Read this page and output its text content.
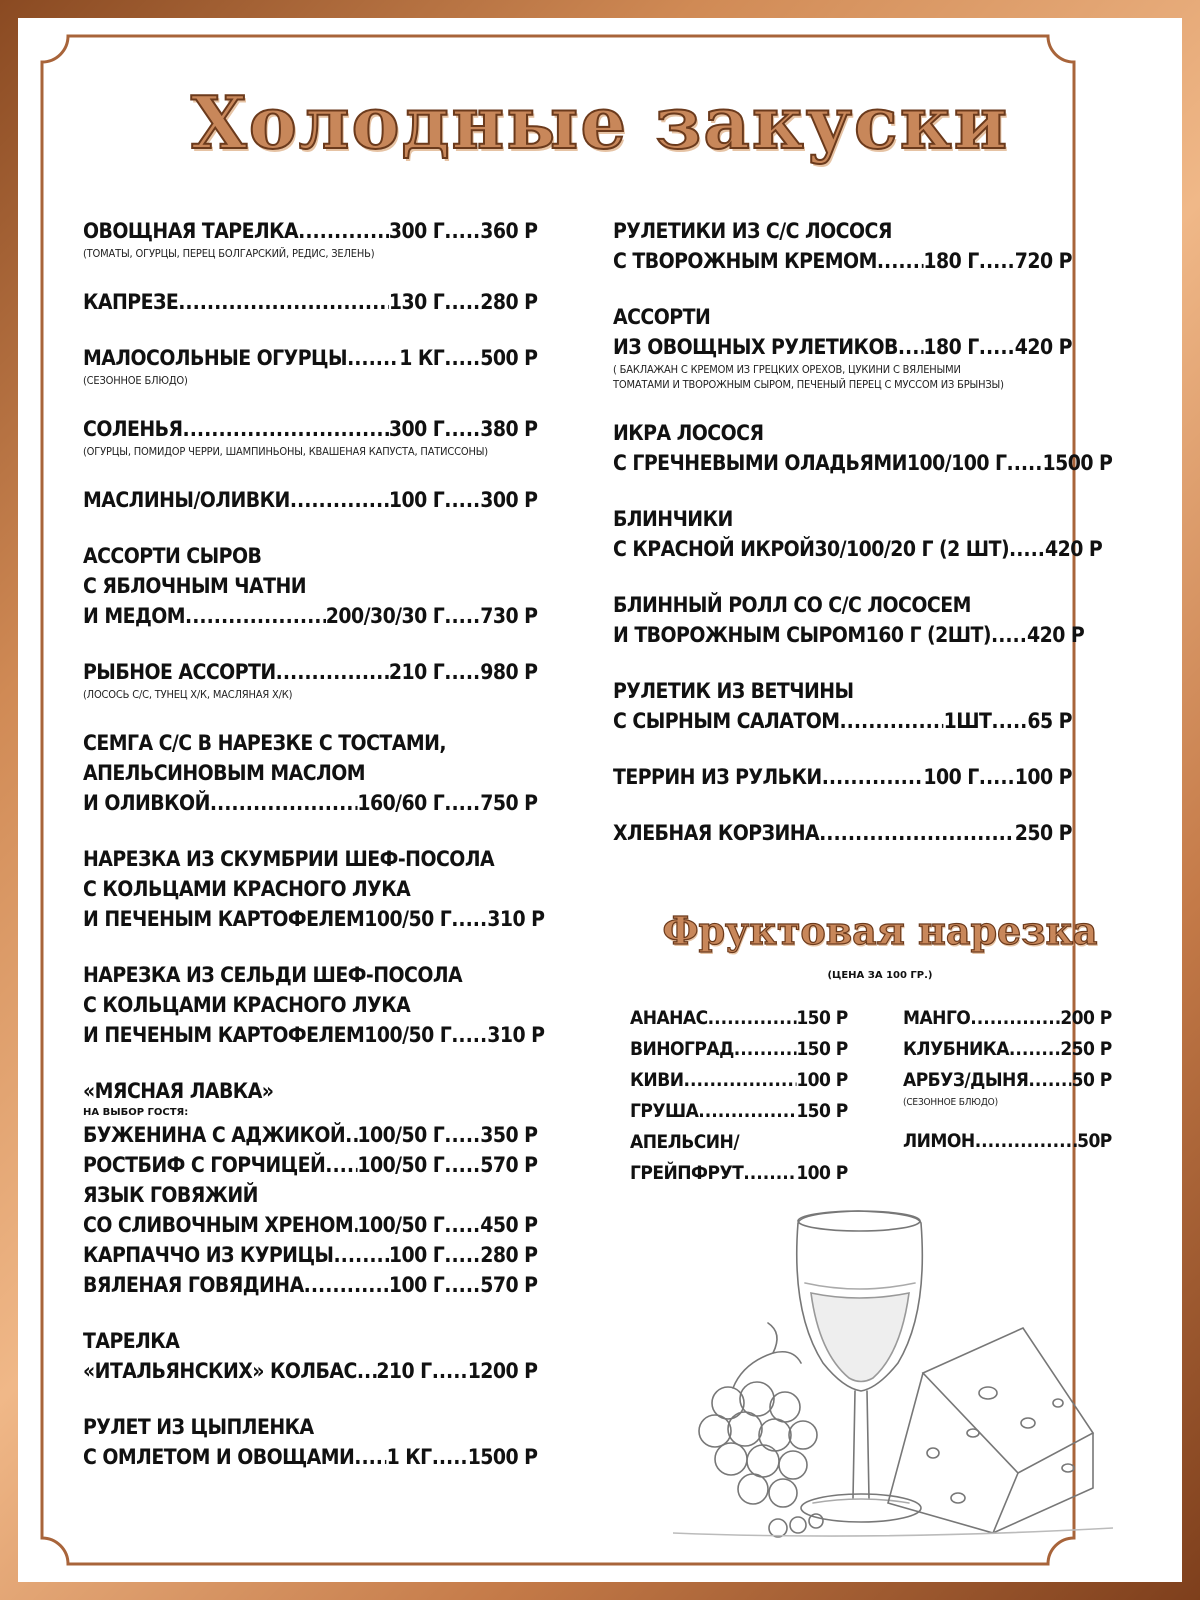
Холодные закуски
ОВОЩНАЯ ТАРЕЛКА .....	300 Г ..... 360 Р
(ТОМАТЫ, ОГУРЦЫ, ПЕРЕЦ БОЛГАРСКИЙ, РЕДИС, ЗЕЛЕНЬ)
КАПРЕЗЕ .....	130 Г ..... 280 Р
МАЛОСОЛЬНЫЕ ОГУРЦЫ ..... 1 КГ ..... 500 Р
(СЕЗОННОЕ БЛЮДО)
СОЛЕНЬЯ .....	300 Г ..... 380 Р
(ОГУРЦЫ, ПОМИДОР ЧЕРРИ, ШАМПИНЬОНЫ, КВАШЕНАЯ КАПУСТА, ПАТИССОНЫ)
МАСЛИНЫ/ОЛИВКИ .....	100 Г ..... 300 Р
АССОРТИ СЫРОВ
С ЯБЛОЧНЫМ ЧАТНИ
И МЕДОМ .....	200/30/30 Г ..... 730 Р
РЫБНОЕ АССОРТИ .....	210 Г ..... 980 Р
(ЛОСОСЬ С/С, ТУНЕЦ Х/К, МАСЛЯНАЯ Х/К)
СЕМГА С/С В НАРЕЗКЕ С ТОСТАМИ,
АПЕЛЬСИНОВЫМ МАСЛОМ
И ОЛИВКОЙ .....	160/60 Г ..... 750 Р
НАРЕЗКА ИЗ СКУМБРИИ ШЕФ-ПОСОЛА
С КОЛЬЦАМИ КРАСНОГО ЛУКА
И ПЕЧЕНЫМ КАРТОФЕЛЕМ 100/50 Г ..... 310 Р
НАРЕЗКА ИЗ СЕЛЬДИ ШЕФ-ПОСОЛА
С КОЛЬЦАМИ КРАСНОГО ЛУКА
И ПЕЧЕНЫМ КАРТОФЕЛЕМ 100/50 Г ..... 310 Р
«МЯСНАЯ ЛАВКА»
НА ВЫБОР ГОСТЯ:
БУЖЕНИНА С АДЖИКОЙ ..... 100/50 Г ..... 350 Р
РОСТБИФ С ГОРЧИЦЕЙ ..... 100/50 Г ..... 570 Р
ЯЗЫК ГОВЯЖИЙ
СО СЛИВОЧНЫМ ХРЕНОМ ..... 100/50 Г ..... 450 Р
КАРПАЧЧО ИЗ КУРИЦЫ .....	100 Г ..... 280 Р
ВЯЛЕНАЯ ГОВЯДИНА .....	100 Г ..... 570 Р
ТАРЕЛКА
«ИТАЛЬЯНСКИХ» КОЛБАС ..... 210 Г ..... 1200 Р
РУЛЕТ ИЗ ЦЫПЛЕНКА
С ОМЛЕТОМ И ОВОЩАМИ ..... 1 КГ ..... 1500 Р
РУЛЕТИКИ ИЗ С/С ЛОСОСЯ
С ТВОРОЖНЫМ КРЕМОМ ..... 180 Г ..... 720 Р
АССОРТИ
ИЗ ОВОЩНЫХ РУЛЕТИКОВ ..... 180 Г ..... 420 Р
( БАКЛАЖАН С КРЕМОМ ИЗ ГРЕЦКИХ ОРЕХОВ, ЦУКИНИ С ВЯЛЕНЫМИ
ТОМАТАМИ И ТВОРОЖНЫМ СЫРОМ, ПЕЧЕНЫЙ ПЕРЕЦ С МУССОМ ИЗ БРЫНЗЫ)
ИКРА ЛОСОСЯ
С ГРЕЧНЕВЫМИ ОЛАДЬЯМИ 100/100 Г ..... 1500 Р
БЛИНЧИКИ
С КРАСНОЙ ИКРОЙ 30/100/20 Г (2 ШТ) ..... 420 Р
БЛИННЫЙ РОЛЛ СО С/С ЛОСОСЕМ
И ТВОРОЖНЫМ СЫРОМ 160 Г (2ШТ) ..... 420 Р
РУЛЕТИК ИЗ ВЕТЧИНЫ
С СЫРНЫМ САЛАТОМ .....	1ШТ ..... 65 Р
ТЕРРИН ИЗ РУЛЬКИ .....	100 Г ..... 100 Р
ХЛЕБНАЯ КОРЗИНА .....	250 Р
Фруктовая нарезка
(ЦЕНА ЗА 100 ГР.)
АНАНАС .....	150 Р
ВИНОГРАД .....	150 Р
КИВИ .....	100 Р
ГРУША .....	150 Р
АПЕЛЬСИН/
ГРЕЙПФРУТ .....	100 Р
МАНГО .....	200 Р
КЛУБНИКА .....	250 Р
АРБУЗ/ДЫНЯ ..... 50 Р
(СЕЗОННОЕ БЛЮДО)
ЛИМОН .....	50Р
